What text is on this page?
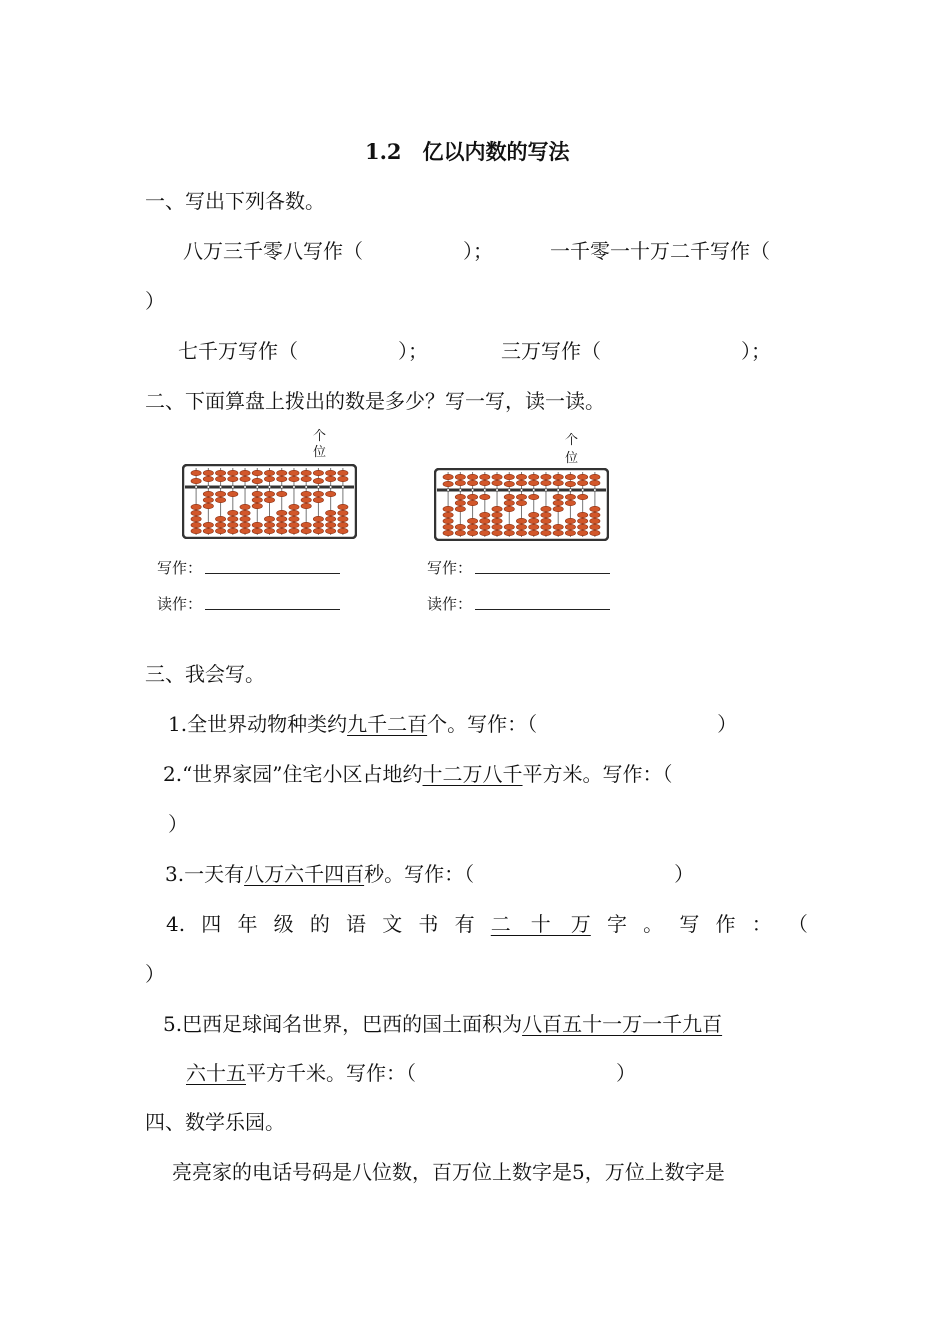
1.2　亿以内数的写法
一、写出下列各数。
八万三千零八写作（　　　　　）；	一千零一十万二千写作（
）
七千万写作（　　　　　）；	三万写作（　　　　　　　）；
二、下面算盘上拨出的数是多少？写一写，读一读。
个
位
写作：
读作：
个
位
写作：
读作：
三、我会写。
1.全世界动物种类约九千二百个。写作：（　　　　　　　　　）
2.“世界家园”住宅小区占地约十二万八千平方米。写作：（
）
3.一天有八万六千四百秒。写作：（　　　　　　　　　　）
4. 四 年 级 的 语 文 书 有 二　十　万 字 。 写 作 ： （
）
5.巴西足球闻名世界，巴西的国土面积为八百五十一万一千九百
六十五平方千米。写作：（　　　　　　　　　　）
四、数学乐园。
亮亮家的电话号码是八位数，百万位上数字是5，万位上数字是
